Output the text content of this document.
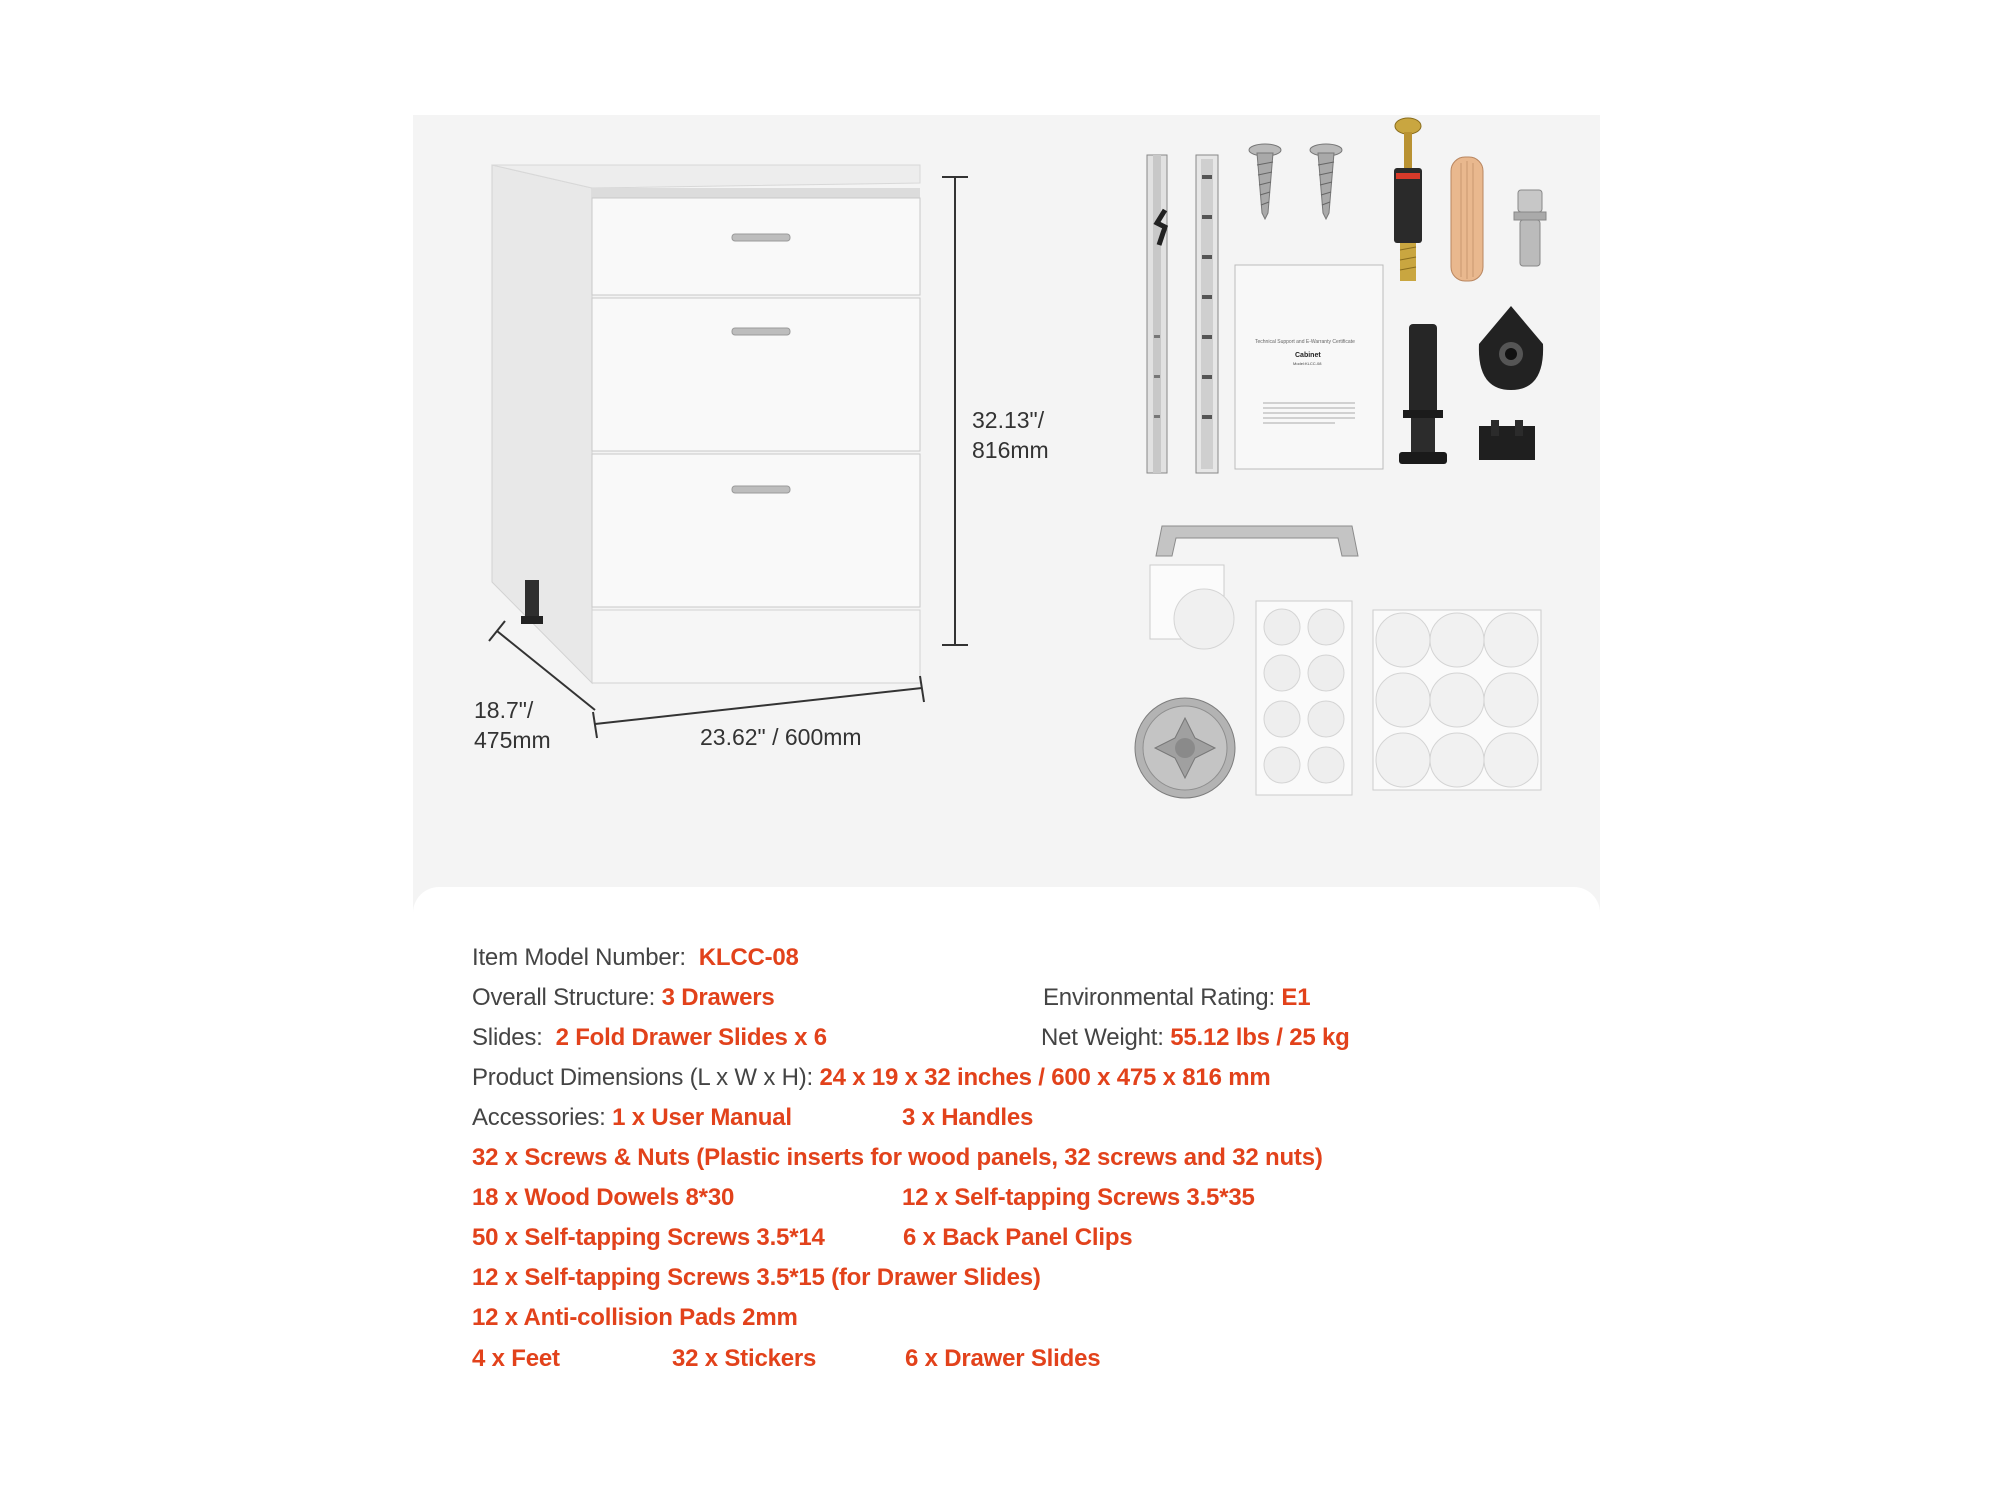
32.13"/
816mm
18.7"/
475mm	23.62" / 600mm
Technical Support and E-Warranty Certificate
Cabinet
Model:KLCC-08
Item Model Number: KLCC-08
Overall Structure: 3 Drawers	Environmental Rating: E1
Slides: 2 Fold Drawer Slides x 6	Net Weight: 55.12 lbs / 25 kg
Product Dimensions (L x W x H): 24 x 19 x 32 inches / 600 x 475 x 816 mm
Accessories: 1 x User Manual	3 x Handles
32 x Screws & Nuts (Plastic inserts for wood panels, 32 screws and 32 nuts)
18 x Wood Dowels 8*30	12 x Self-tapping Screws 3.5*35
50 x Self-tapping Screws 3.5*14	6 x Back Panel Clips
12 x Self-tapping Screws 3.5*15 (for Drawer Slides)
12 x Anti-collision Pads 2mm
4 x Feet	32 x Stickers	6 x Drawer Slides
